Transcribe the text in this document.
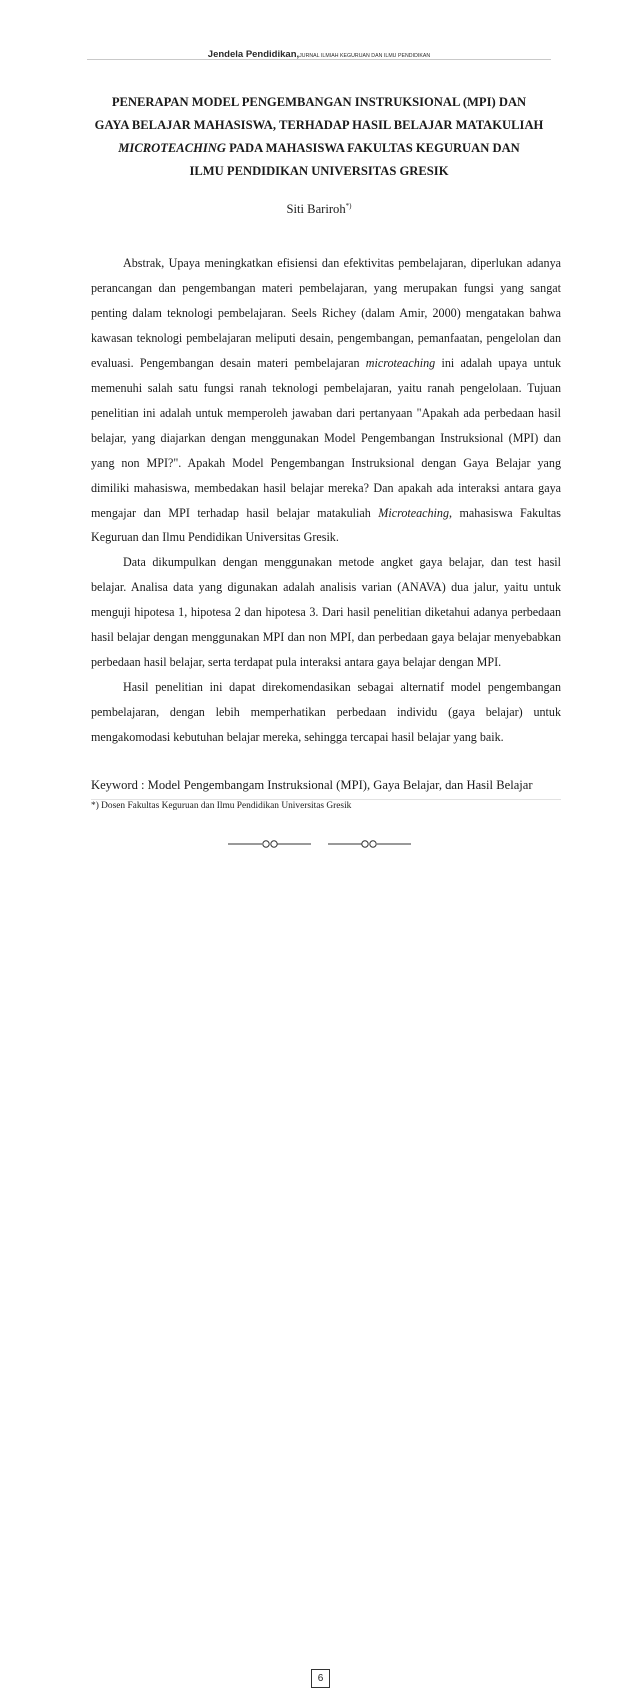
Jendela Pendidikan,JURNAL ILMIAH KEGURUAN DAN ILMU PENDIDIKAN
PENERAPAN MODEL PENGEMBANGAN INSTRUKSIONAL (MPI) DAN
GAYA BELAJAR MAHASISWA, TERHADAP HASIL BELAJAR MATAKULIAH
MICROTEACHING PADA MAHASISWA FAKULTAS KEGURUAN DAN
ILMU PENDIDIKAN UNIVERSITAS GRESIK
Siti Bariroh*)

Abstrak, Upaya meningkatkan efisiensi dan efektivitas pembelajaran, diperlukan adanya perancangan dan pengembangan materi pembelajaran, yang merupakan fungsi yang sangat penting dalam teknologi pembelajaran. Seels Richey (dalam Amir, 2000) mengatakan bahwa kawasan teknologi pembelajaran meliputi desain, pengembangan, pemanfaatan, pengelolan dan evaluasi. Pengembangan desain materi pembelajaran microteaching ini adalah upaya untuk memenuhi salah satu fungsi ranah teknologi pembelajaran, yaitu ranah pengelolaan. Tujuan penelitian ini adalah untuk memperoleh jawaban dari pertanyaan "Apakah ada perbedaan hasil belajar, yang diajarkan dengan menggunakan Model Pengembangan Instruksional (MPI) dan yang non MPI?". Apakah Model Pengembangan Instruksional dengan Gaya Belajar yang dimiliki mahasiswa, membedakan hasil belajar mereka? Dan apakah ada interaksi antara gaya mengajar dan MPI terhadap hasil belajar matakuliah Microteaching, mahasiswa Fakultas Keguruan dan Ilmu Pendidikan Universitas Gresik.

Data dikumpulkan dengan menggunakan metode angket gaya belajar, dan test hasil belajar. Analisa data yang digunakan adalah analisis varian (ANAVA) dua jalur, yaitu untuk menguji hipotesa 1, hipotesa 2 dan hipotesa 3. Dari hasil penelitian diketahui adanya perbedaan hasil belajar dengan menggunakan MPI dan non MPI, dan perbedaan gaya belajar menyebabkan perbedaan hasil belajar, serta terdapat pula interaksi antara gaya belajar dengan MPI.

Hasil penelitian ini dapat direkomendasikan sebagai alternatif model pengembangan pembelajaran, dengan lebih memperhatikan perbedaan individu (gaya belajar) untuk mengakomodasi kebutuhan belajar mereka, sehingga tercapai hasil belajar yang baik.

Keyword : Model Pengembangam Instruksional (MPI), Gaya Belajar, dan Hasil Belajar
*) Dosen Fakultas Keguruan dan Ilmu Pendidikan Universitas Gresik
6
